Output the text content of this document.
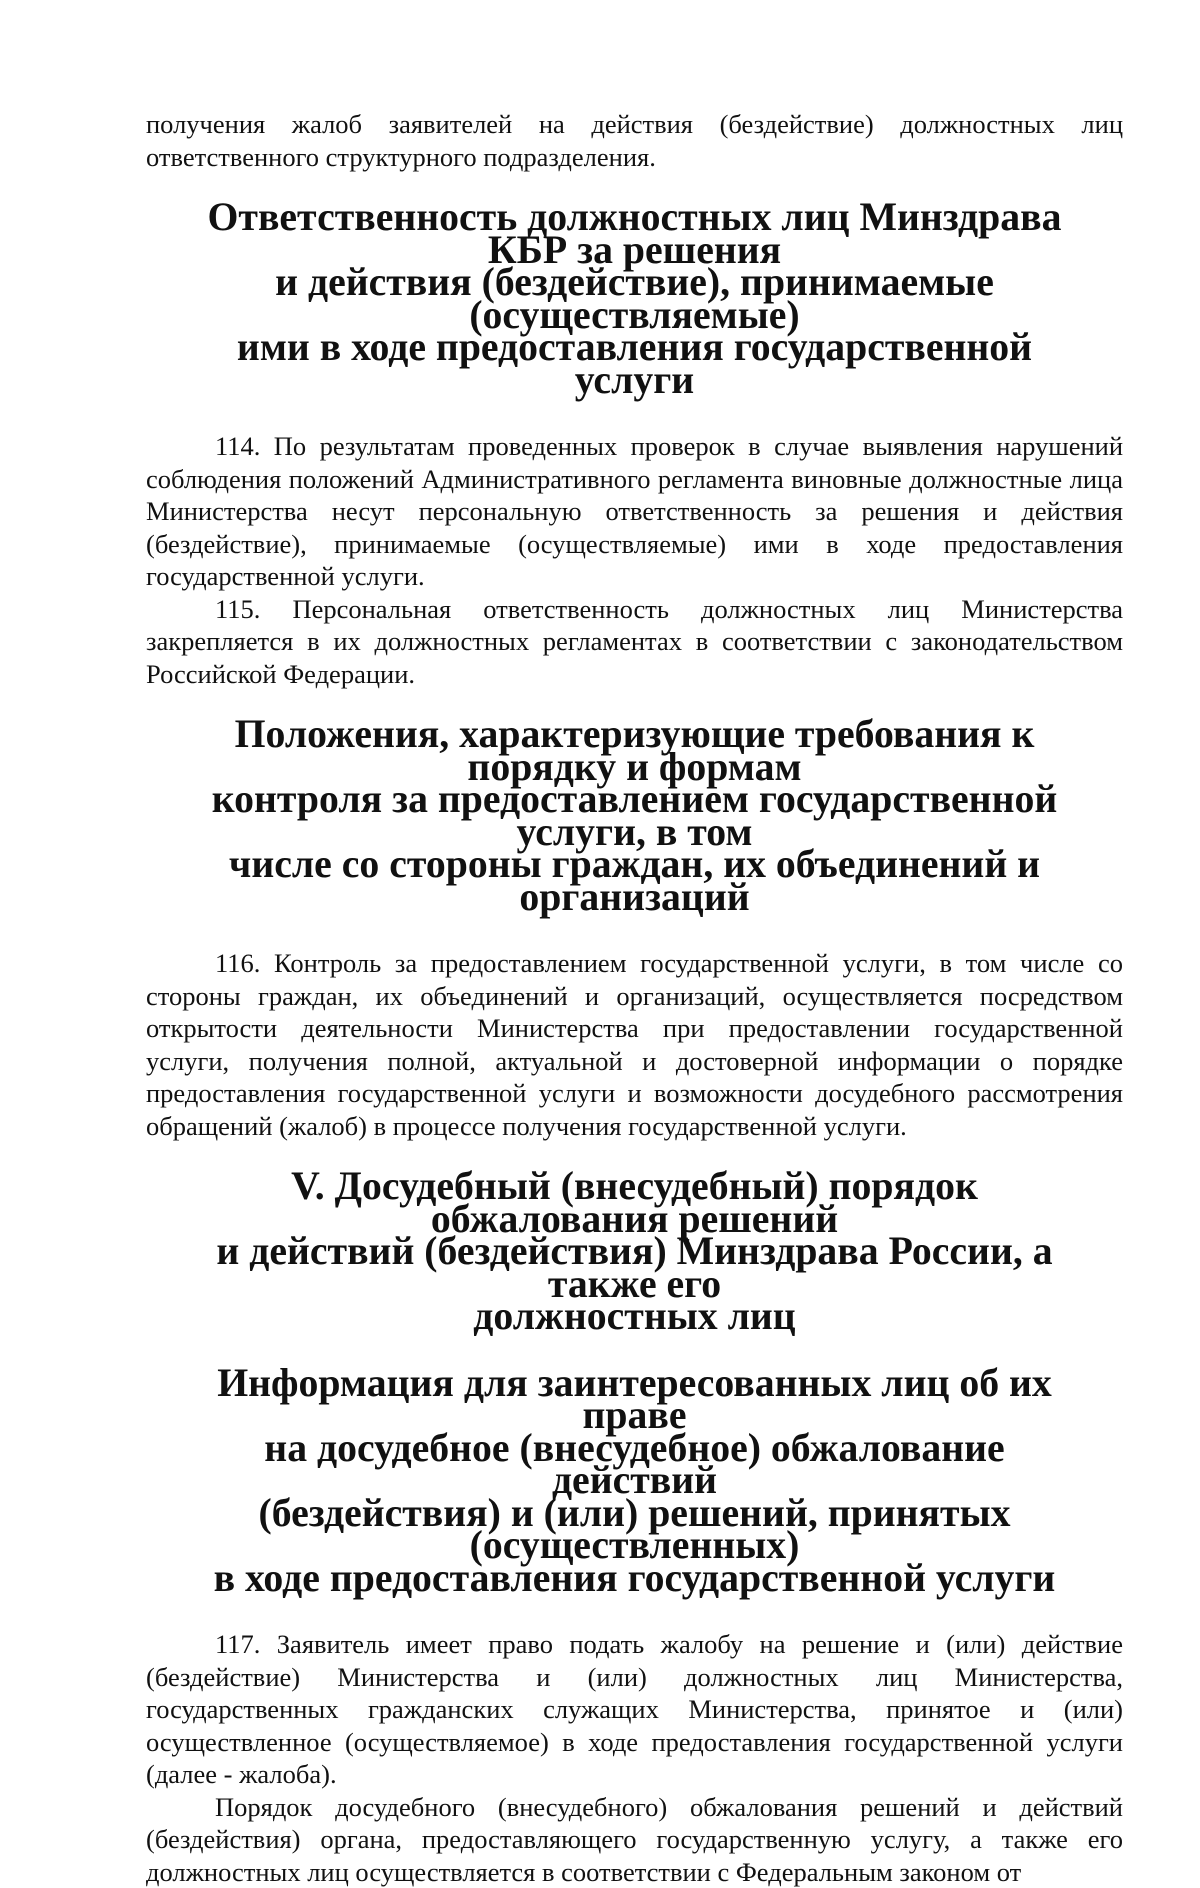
получения жалоб заявителей на действия (бездействие) должностных лиц ответственного структурного подразделения.

Ответственность должностных лиц Минздрава КБР за решения
и действия (бездействие), принимаемые (осуществляемые)
ими в ходе предоставления государственной услуги

114. По результатам проведенных проверок в случае выявления нарушений соблюдения положений Административного регламента виновные должностные лица Министерства несут персональную ответственность за решения и действия (бездействие), принимаемые (осуществляемые) ими в ходе предоставления государственной услуги.

115. Персональная ответственность должностных лиц Министерства закрепляется в их должностных регламентах в соответствии с законодательством Российской Федерации.

Положения, характеризующие требования к порядку и формам
контроля за предоставлением государственной услуги, в том
числе со стороны граждан, их объединений и организаций

116. Контроль за предоставлением государственной услуги, в том числе со стороны граждан, их объединений и организаций, осуществляется посредством открытости деятельности Министерства при предоставлении государственной услуги, получения полной, актуальной и достоверной информации о порядке предоставления государственной услуги и возможности досудебного рассмотрения обращений (жалоб) в процессе получения государственной услуги.

V. Досудебный (внесудебный) порядок обжалования решений
и действий (бездействия) Минздрава России, а также его
должностных лиц
Информация для заинтересованных лиц об их праве
на досудебное (внесудебное) обжалование действий
(бездействия) и (или) решений, принятых (осуществленных)
в ходе предоставления государственной услуги

117. Заявитель имеет право подать жалобу на решение и (или) действие (бездействие) Министерства и (или) должностных лиц Министерства, государственных гражданских служащих Министерства, принятое и (или) осуществленное (осуществляемое) в ходе предоставления государственной услуги (далее - жалоба).

Порядок досудебного (внесудебного) обжалования решений и действий (бездействия) органа, предоставляющего государственную услугу, а также его должностных лиц осуществляется в соответствии с Федеральным законом от
